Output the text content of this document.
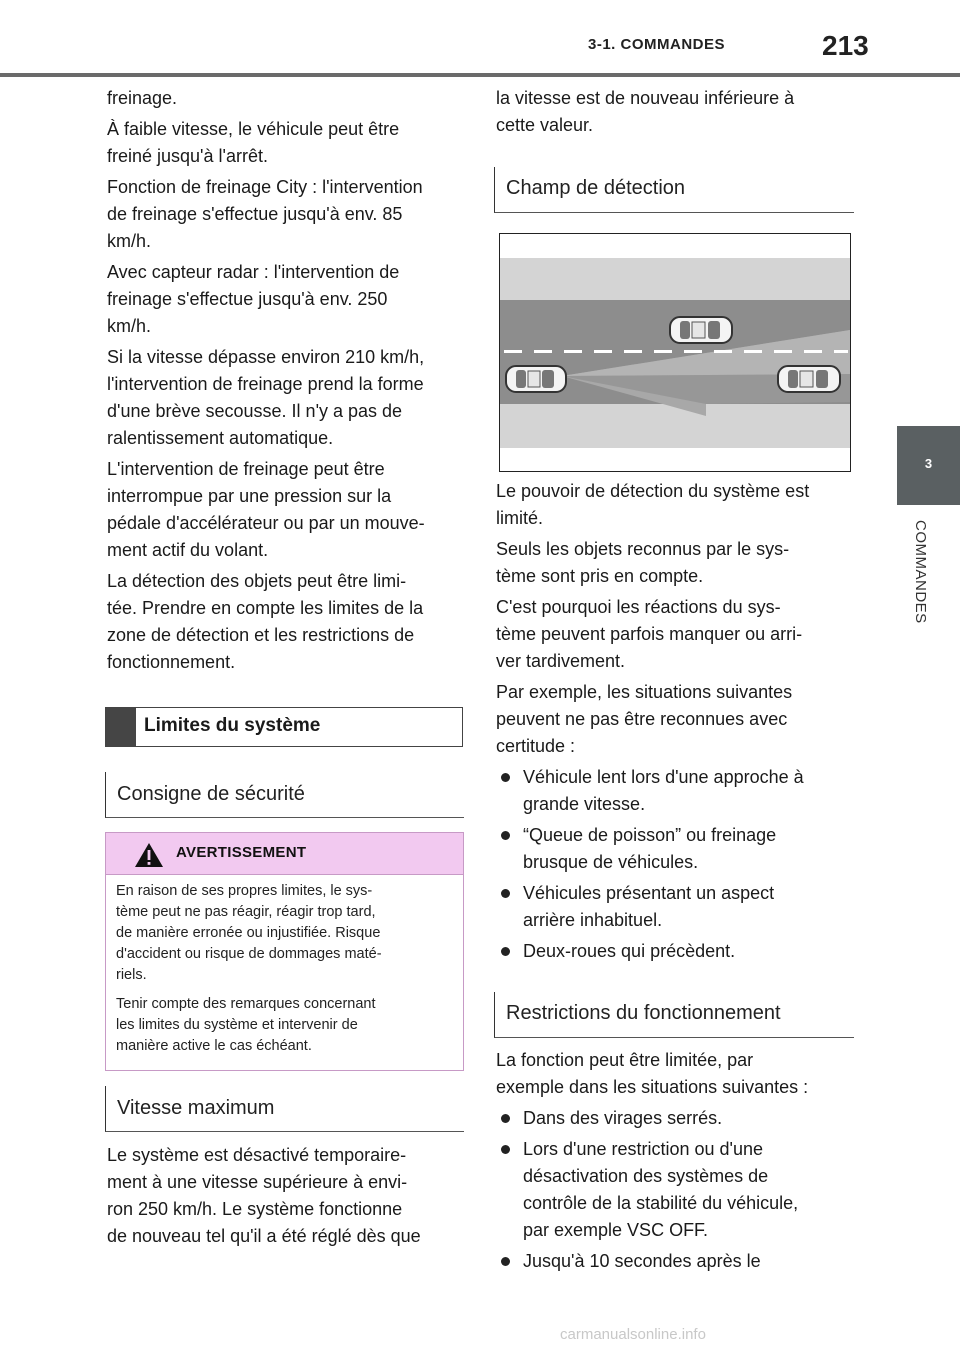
3-1. COMMANDES	213
3
COMMANDES
freinage.
À faible vitesse, le véhicule peut être
freiné jusqu'à l'arrêt.
Fonction de freinage City : l'intervention
de freinage s'effectue jusqu'à env. 85
km/h.
Avec capteur radar : l'intervention de
freinage s'effectue jusqu'à env. 250
km/h.
Si la vitesse dépasse environ 210 km/h,
l'intervention de freinage prend la forme
d'une brève secousse. Il n'y a pas de
ralentissement automatique.
L'intervention de freinage peut être
interrompue par une pression sur la
pédale d'accélérateur ou par un mouve-
ment actif du volant.
La détection des objets peut être limi-
tée. Prendre en compte les limites de la
zone de détection et les restrictions de
fonctionnement.
Limites du système
Consigne de sécurité
AVERTISSEMENT
En raison de ses propres limites, le sys-
tème peut ne pas réagir, réagir trop tard,
de manière erronée ou injustifiée. Risque
d'accident ou risque de dommages maté-
riels.
Tenir compte des remarques concernant
les limites du système et intervenir de
manière active le cas échéant.
Vitesse maximum
Le système est désactivé temporaire-
ment à une vitesse supérieure à envi-
ron 250 km/h. Le système fonctionne
de nouveau tel qu'il a été réglé dès que
la vitesse est de nouveau inférieure à
cette valeur.
Champ de détection
Le pouvoir de détection du système est
limité.
Seuls les objets reconnus par le sys-
tème sont pris en compte.
C'est pourquoi les réactions du sys-
tème peuvent parfois manquer ou arri-
ver tardivement.
Par exemple, les situations suivantes
peuvent ne pas être reconnues avec
certitude :
Véhicule lent lors d'une approche à
grande vitesse.
“Queue de poisson” ou freinage
brusque de véhicules.
Véhicules présentant un aspect
arrière inhabituel.
Deux-roues qui précèdent.
Restrictions du fonctionnement
La fonction peut être limitée, par
exemple dans les situations suivantes :
Dans des virages serrés.
Lors d'une restriction ou d'une
désactivation des systèmes de
contrôle de la stabilité du véhicule,
par exemple VSC OFF.
Jusqu'à 10 secondes après le
carmanualsonline.info
